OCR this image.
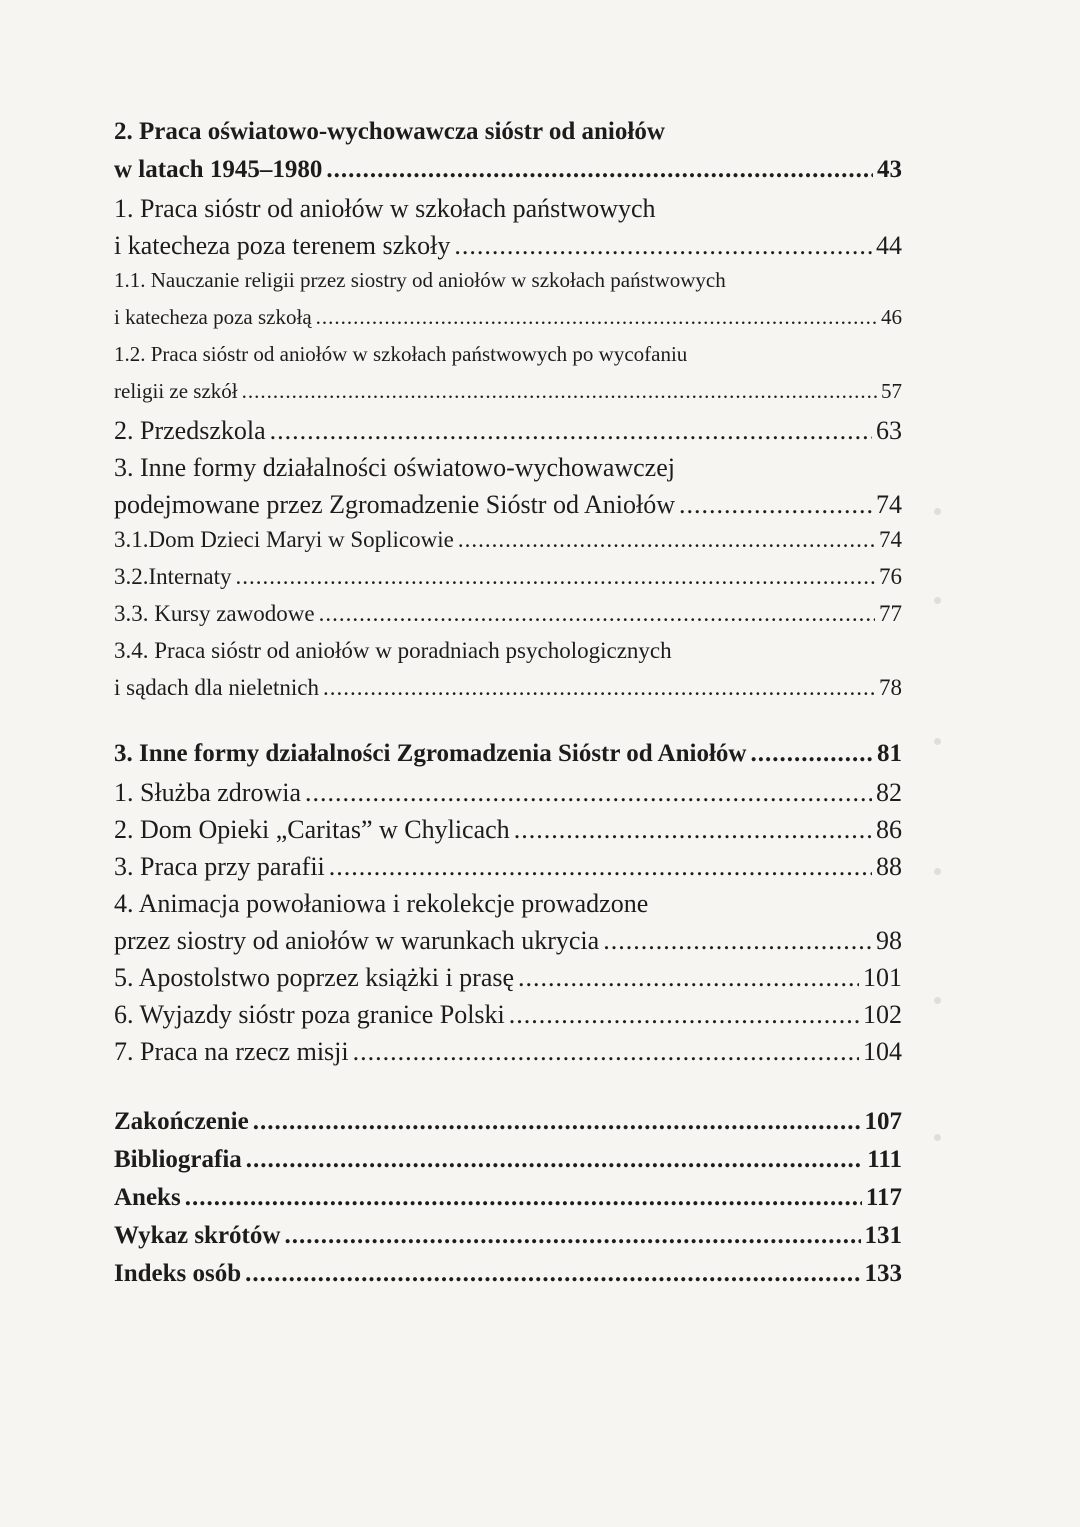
2. Praca oświatowo-wychowawcza sióstr od aniołów
w latach 1945–1980 .....	43
1. Praca sióstr od aniołów w szkołach państwowych
i katecheza poza terenem szkoły .....	44
1.1. Nauczanie religii przez siostry od aniołów w szkołach państwowych
i katecheza poza szkołą .....	46
1.2. Praca sióstr od aniołów w szkołach państwowych po wycofaniu
religii ze szkół .....	57
2. Przedszkola .....	63
3. Inne formy działalności oświatowo-wychowawczej
podejmowane przez Zgromadzenie Sióstr od Aniołów .....	74
3.1.Dom Dzieci Maryi w Soplicowie .....	74
3.2.Internaty .....	76
3.3. Kursy zawodowe .....	77
3.4. Praca sióstr od aniołów w poradniach psychologicznych
i sądach dla nieletnich .....	78
3. Inne formy działalności Zgromadzenia Sióstr od Aniołów .....	81
1. Służba zdrowia .....	82
2. Dom Opieki „Caritas” w Chylicach .....	86
3. Praca przy parafii .....	88
4. Animacja powołaniowa i rekolekcje prowadzone
przez siostry od aniołów w warunkach ukrycia .....	98
5. Apostolstwo poprzez książki i prasę .....	101
6. Wyjazdy sióstr poza granice Polski .....	102
7. Praca na rzecz misji .....	104
Zakończenie .....	107
Bibliografia .....	111
Aneks .....	117
Wykaz skrótów .....	131
Indeks osób .....	133
